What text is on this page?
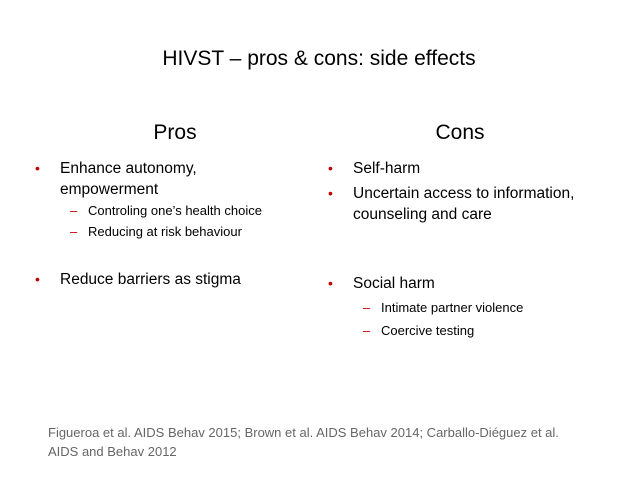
HIVST – pros & cons: side effects
Pros	Cons
• Enhance autonomy,
empowerment
– Controling one’s health choice
– Reducing at risk behaviour
• Reduce barriers as stigma
• Self-harm
• Uncertain access to information,
counseling and care
• Social harm
– Intimate partner violence
– Coercive testing
Figueroa et al. AIDS Behav 2015; Brown et al. AIDS Behav 2014; Carballo-Diéguez et al.
AIDS and Behav 2012
